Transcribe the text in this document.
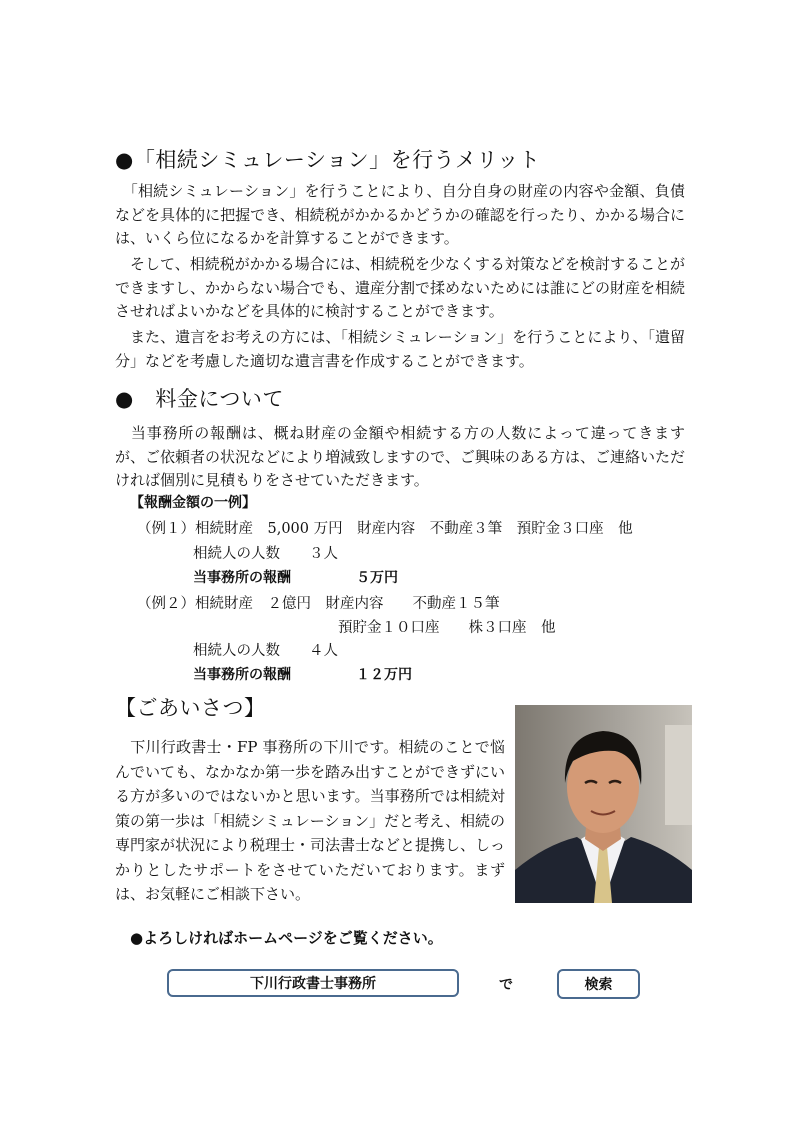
●「相続シミュレーション」を行うメリット

　「相続シミュレーション」を行うことにより、自分自身の財産の内容や金額、負債などを具体的に把握でき、相続税がかかるかどうかの確認を行ったり、かかる場合には、いくら位になるかを計算することができます。

　そして、相続税がかかる場合には、相続税を少なくする対策などを検討することができますし、かからない場合でも、遺産分割で揉めないためには誰にどの財産を相続させればよいかなどを具体的に検討することができます。

　また、遺言をお考えの方には、「相続シミュレーション」を行うことにより、「遺留分」などを考慮した適切な遺言書を作成することができます。

●　料金について

　当事務所の報酬は、概ね財産の金額や相続する方の人数によって違ってきますが、ご依頼者の状況などにより増減致しますので、ご興味のある方は、ご連絡いただければ個別に見積もりをさせていただきます。

【報酬金額の一例】
（例１）相続財産　5,000 万円　財産内容　不動産３筆　預貯金３口座　他
相続人の人数　　３人
当事務所の報酬	５万円
（例２）相続財産　２億円　財産内容　　不動産１５筆
預貯金１０口座　　株３口座　他
相続人の人数　　４人
当事務所の報酬	１２万円
【ごあいさつ】

　下川行政書士・FP 事務所の下川です。相続のことで悩んでいても、なかなか第一歩を踏み出すことができずにいる方が多いのではないかと思います。当事務所では相続対策の第一歩は「相続シミュレーション」だと考え、相続の専門家が状況により税理士・司法書士などと提携し、しっかりとしたサポートをさせていただいております。まずは、お気軽にご相談下さい。

●よろしければホームページをご覧ください。
下川行政書士事務所	で	検索
